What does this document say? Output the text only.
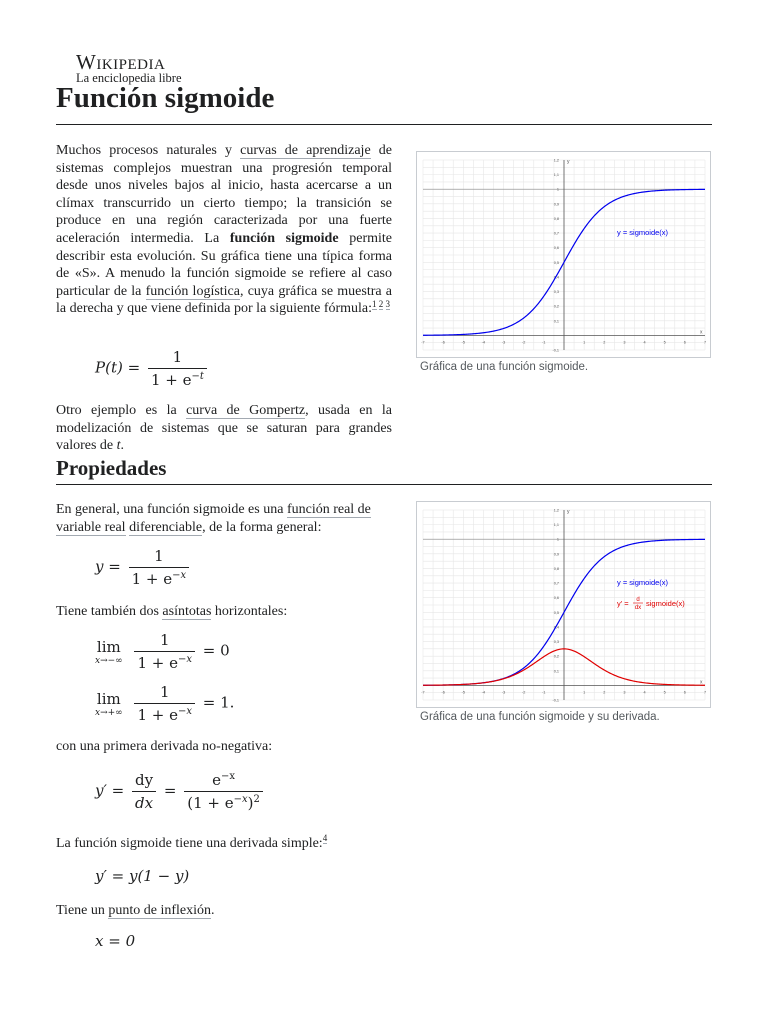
Wikipedia
La enciclopedia libre
Función sigmoide
Muchos procesos naturales y curvas de aprendizaje de sistemas complejos muestran una progresión temporal desde unos niveles bajos al inicio, hasta acercarse a un clímax transcurrido un cierto tiempo; la transición se produce en una región caracterizada por una fuerte aceleración intermedia. La función sigmoide permite describir esta evolución. Su gráfica tiene una típica forma de «S». A menudo la función sigmoide se refiere al caso particular de la función logística, cuya gráfica se muestra a la derecha y que viene definida por la siguiente fórmula:$^{1 2 3}$
$P(t) = \frac{1}{1 + e^{-t}}$
-7	-6	-5	-4	-3	-2	-1	1	2	3	4	5	6	7
-0,1
0,1
0,2
0,3
0,4
0,5
0,6
0,7
0,8
0,9
1
1,1
1,2
y = sigmoide(x)
x
y
Gráfica de una función sigmoide.
Otro ejemplo es la curva de Gompertz, usada en la modelización de sistemas que se saturan para grandes valores de t.
Propiedades
En general, una función sigmoide es una función real de variable real diferenciable, de la forma general:
$y = \frac{1}{1 + e^{-x}}$
Tiene también dos asíntotas horizontales:
lim
x→−∞
$\frac{1}{1 + e^{-x}} = 0$
lim
x→+∞
$\frac{1}{1 + e^{-x}} = 1$.
-7	-6	-5	-4	-3	-2	-1	1	2	3	4	5	6	7
-0,1
0,1
0,2
0,3
0,4
0,5
0,6
0,7
0,8
0,9
1
1,1
1,2
y = sigmoide(x)
y' = d
dx sigmoide(x)
x
y
Gráfica de una función sigmoide y su derivada.
con una primera derivada no-negativa:
$y' = \frac{dy}{dx} = \frac{e^{-x}}{(1 + e^{-x})^2}$
La función sigmoide tiene una derivada simple:$^4$
y′ = y(1 − y)
Tiene un punto de inflexión.
x = 0
